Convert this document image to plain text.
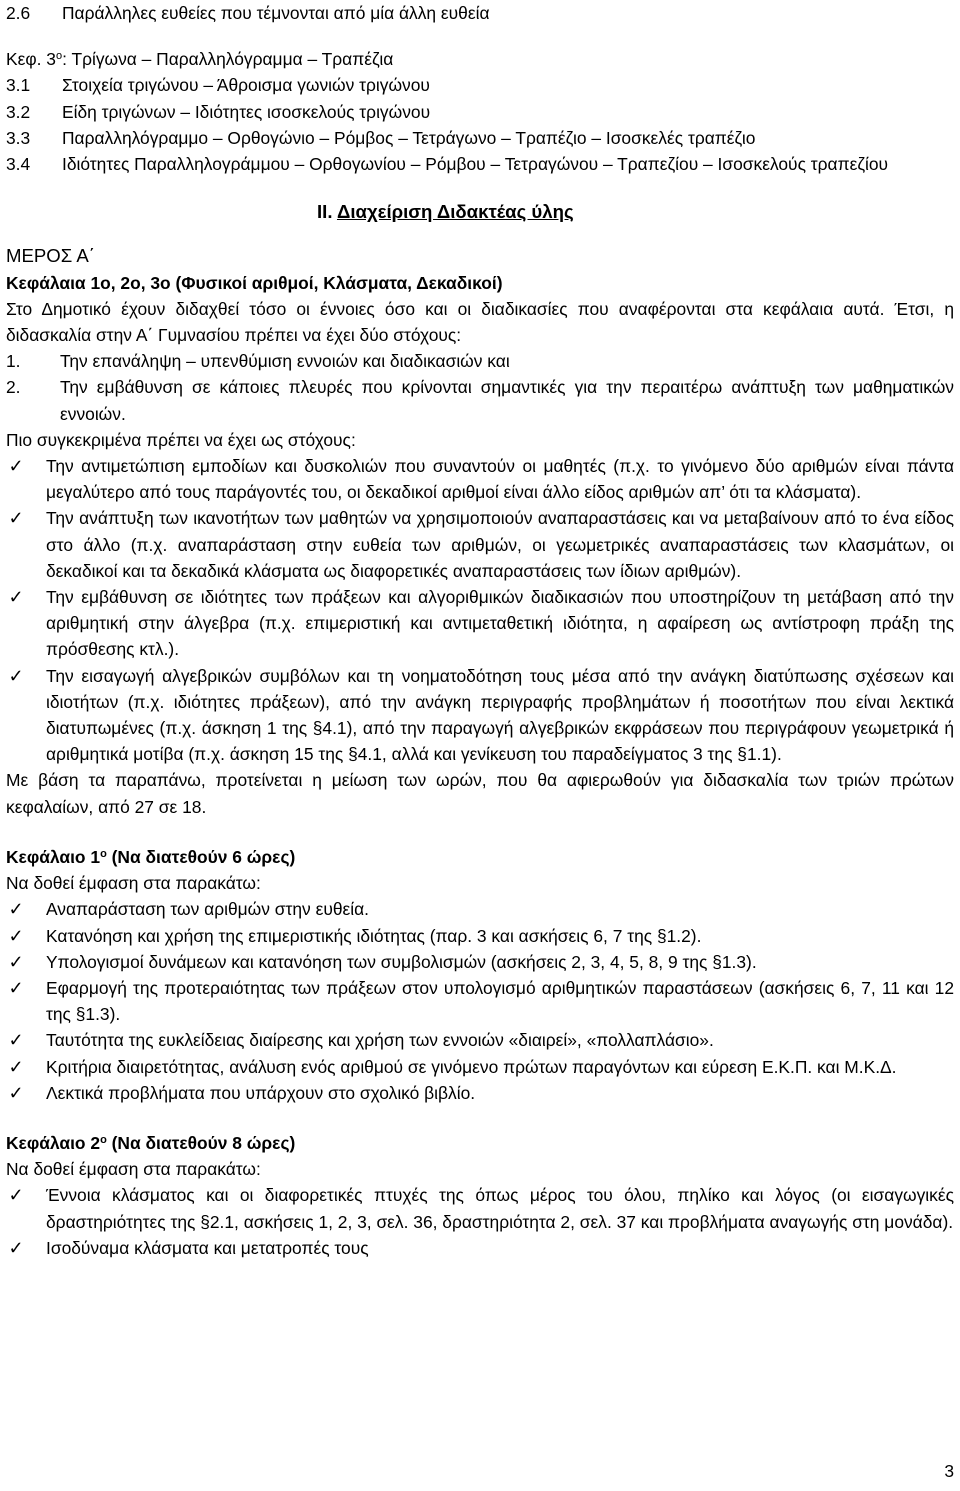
2.6 Παράλληλες ευθείες που τέμνονται από μία άλλη ευθεία
Κεφ. $3^o$: Τρίγωνα – Παραλληλόγραμμα – Τραπέζια
3.1 Στοιχεία τριγώνου – Άθροισμα γωνιών τριγώνου
3.2 Είδη τριγώνων – Ιδιότητες ισοσκελούς τριγώνου
3.3 Παραλληλόγραμμο – Ορθογώνιο – Ρόμβος – Τετράγωνο – Τραπέζιο – Ισοσκελές τραπέζιο
3.4 Ιδιότητες Παραλληλογράμμου – Ορθογωνίου – Ρόμβου – Τετραγώνου – Τραπεζίου – Ισοσκελούς τραπεζίου
ΙΙ. Διαχείριση Διδακτέας ύλης
ΜΕΡΟΣ Α΄
Κεφάλαια 1ο, 2ο, 3ο (Φυσικοί αριθμοί, Κλάσματα, Δεκαδικοί)
Στο Δημοτικό έχουν διδαχθεί τόσο οι έννοιες όσο και οι διαδικασίες που αναφέρονται στα κεφάλαια αυτά. Έτσι, η διδασκαλία στην Α΄ Γυμνασίου πρέπει να έχει δύο στόχους:
1. Την επανάληψη – υπενθύμιση εννοιών και διαδικασιών και
2. Την εμβάθυνση σε κάποιες πλευρές που κρίνονται σημαντικές για την περαιτέρω ανάπτυξη των μαθηματικών εννοιών.
Πιο συγκεκριμένα πρέπει να έχει ως στόχους:
✓ Την αντιμετώπιση εμποδίων και δυσκολιών που συναντούν οι μαθητές (π.χ. το γινόμενο δύο αριθμών είναι πάντα μεγαλύτερο από τους παράγοντές του, οι δεκαδικοί αριθμοί είναι άλλο είδος αριθμών απ’ ότι τα κλάσματα).
✓ Την ανάπτυξη των ικανοτήτων των μαθητών να χρησιμοποιούν αναπαραστάσεις και να μεταβαίνουν από το ένα είδος στο άλλο (π.χ. αναπαράσταση στην ευθεία των αριθμών, οι γεωμετρικές αναπαραστάσεις των κλασμάτων, οι δεκαδικοί και τα δεκαδικά κλάσματα ως διαφορετικές αναπαραστάσεις των ίδιων αριθμών).
✓ Την εμβάθυνση σε ιδιότητες των πράξεων και αλγοριθμικών διαδικασιών που υποστηρίζουν τη μετάβαση από την αριθμητική στην άλγεβρα (π.χ. επιμεριστική και αντιμεταθετική ιδιότητα, η αφαίρεση ως αντίστροφη πράξη της πρόσθεσης κτλ.).
✓ Την εισαγωγή αλγεβρικών συμβόλων και τη νοηματοδότηση τους μέσα από την ανάγκη διατύπωσης σχέσεων και ιδιοτήτων (π.χ. ιδιότητες πράξεων), από την ανάγκη περιγραφής προβλημάτων ή ποσοτήτων που είναι λεκτικά διατυπωμένες (π.χ. άσκηση 1 της §4.1), από την παραγωγή αλγεβρικών εκφράσεων που περιγράφουν γεωμετρικά ή αριθμητικά μοτίβα (π.χ. άσκηση 15 της §4.1, αλλά και γενίκευση του παραδείγματος 3 της §1.1).
Με βάση τα παραπάνω, προτείνεται η μείωση των ωρών, που θα αφιερωθούν για διδασκαλία των τριών πρώτων κεφαλαίων, από 27 σε 18.
Κεφάλαιο $1^o$ (Να διατεθούν 6 ώρες)
Να δοθεί έμφαση στα παρακάτω:
✓ Αναπαράσταση των αριθμών στην ευθεία.
✓ Κατανόηση και χρήση της επιμεριστικής ιδιότητας (παρ. 3 και ασκήσεις 6, 7 της §1.2).
✓ Υπολογισμοί δυνάμεων και κατανόηση των συμβολισμών (ασκήσεις 2, 3, 4, 5, 8, 9 της §1.3).
✓ Εφαρμογή της προτεραιότητας των πράξεων στον υπολογισμό αριθμητικών παραστάσεων (ασκήσεις 6, 7, 11 και 12 της §1.3).
✓ Ταυτότητα της ευκλείδειας διαίρεσης και χρήση των εννοιών «διαιρεί», «πολλαπλάσιο».
✓ Κριτήρια διαιρετότητας, ανάλυση ενός αριθμού σε γινόμενο πρώτων παραγόντων και εύρεση Ε.Κ.Π. και Μ.Κ.Δ.
✓ Λεκτικά προβλήματα που υπάρχουν στο σχολικό βιβλίο.
Κεφάλαιο $2^o$ (Να διατεθούν 8 ώρες)
Να δοθεί έμφαση στα παρακάτω:
✓ Έννοια κλάσματος και οι διαφορετικές πτυχές της όπως μέρος του όλου, πηλίκο και λόγος (οι εισαγωγικές δραστηριότητες της §2.1, ασκήσεις 1, 2, 3, σελ. 36, δραστηριότητα 2, σελ. 37 και προβλήματα αναγωγής στη μονάδα).
✓ Ισοδύναμα κλάσματα και μετατροπές τους
3
